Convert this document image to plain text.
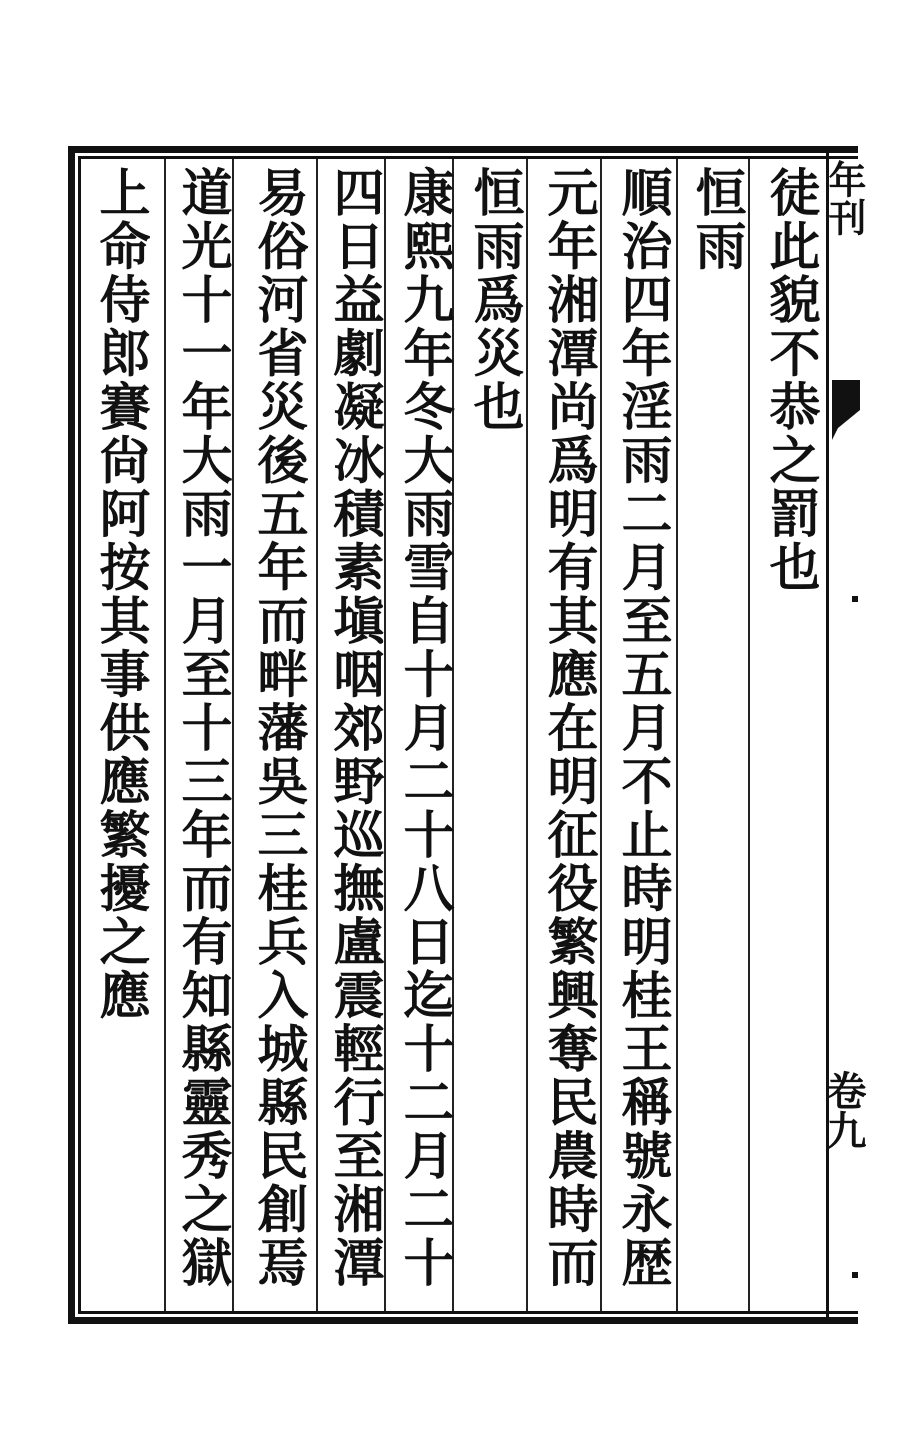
徒此貌不恭之罰也
恒雨
順治四年淫雨二月至五月不止時明桂王稱號永歴
元年湘潭尚爲明有其應在明征役繁興奪民農時而
恒雨爲災也
康熙九年冬大雨雪自十月二十八日迄十二月二十
四日益劇凝冰積素塡咽郊野巡撫盧震輕行至湘潭
易俗河省災後五年而畔藩吳三桂兵入城縣民創焉
道光十一年大雨一月至十三年而有知縣靈秀之獄
上命侍郎賽尙阿按其事供應繁擾之應	年刊
卷九
